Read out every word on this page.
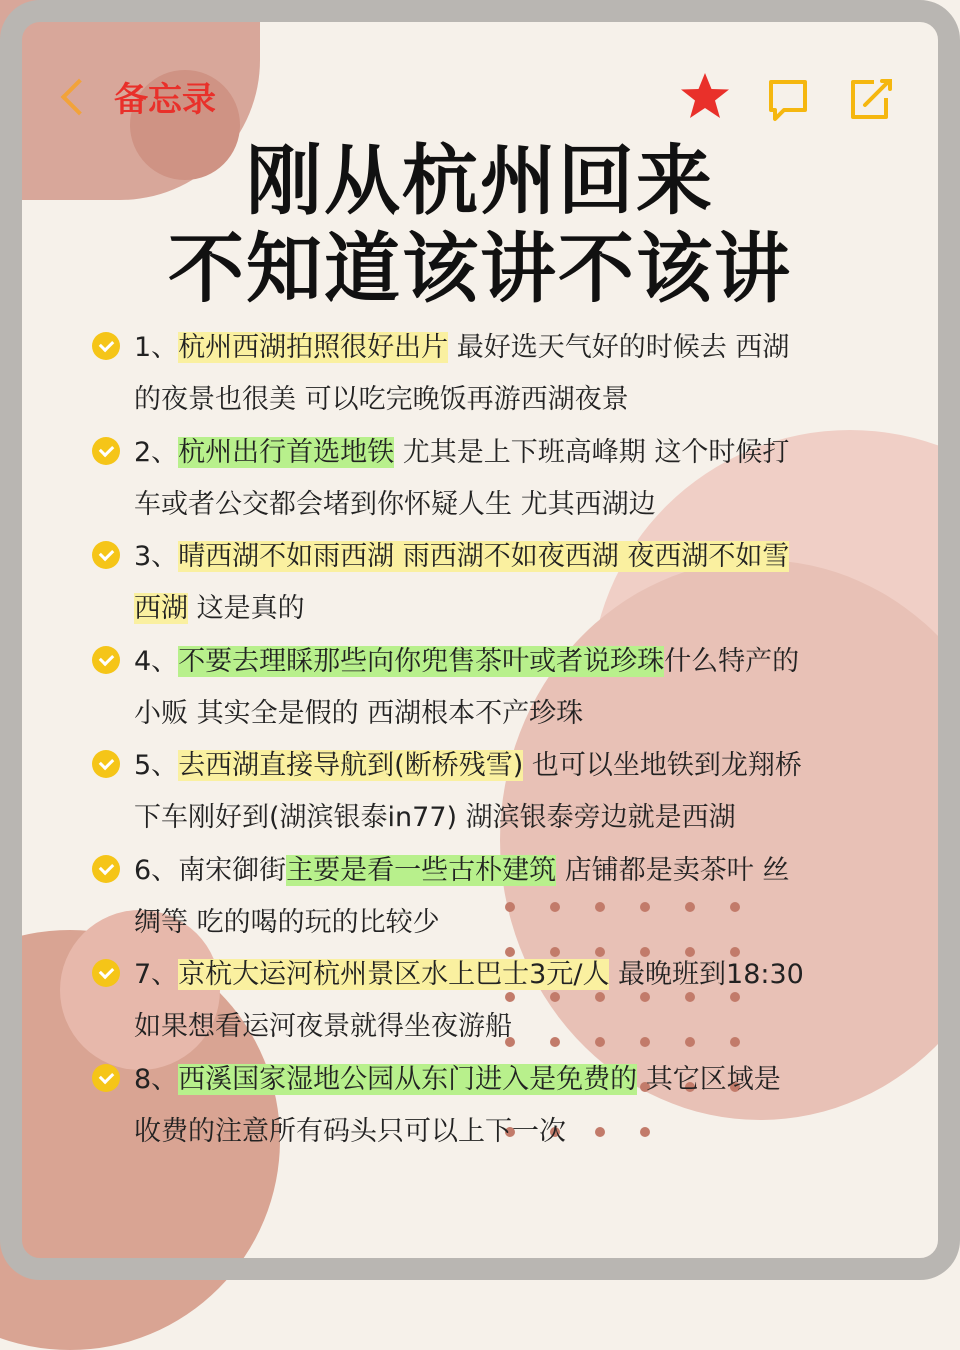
备忘录
刚从杭州回来
不知道该讲不该讲
1、杭州西湖拍照很好出片 最好选天气好的时候去 西湖
的夜景也很美 可以吃完晚饭再游西湖夜景
2、杭州出行首选地铁 尤其是上下班高峰期 这个时候打
车或者公交都会堵到你怀疑人生 尤其西湖边
3、晴西湖不如雨西湖 雨西湖不如夜西湖 夜西湖不如雪
西湖 这是真的
4、不要去理睬那些向你兜售茶叶或者说珍珠什么特产的
小贩 其实全是假的 西湖根本不产珍珠
5、去西湖直接导航到(断桥残雪) 也可以坐地铁到龙翔桥
下车刚好到(湖滨银泰in77) 湖滨银泰旁边就是西湖
6、南宋御街主要是看一些古朴建筑 店铺都是卖茶叶 丝
绸等 吃的喝的玩的比较少
7、京杭大运河杭州景区水上巴士3元/人 最晚班到18:30
如果想看运河夜景就得坐夜游船
8、西溪国家湿地公园从东门进入是免费的 其它区域是
收费的注意所有码头只可以上下一次
